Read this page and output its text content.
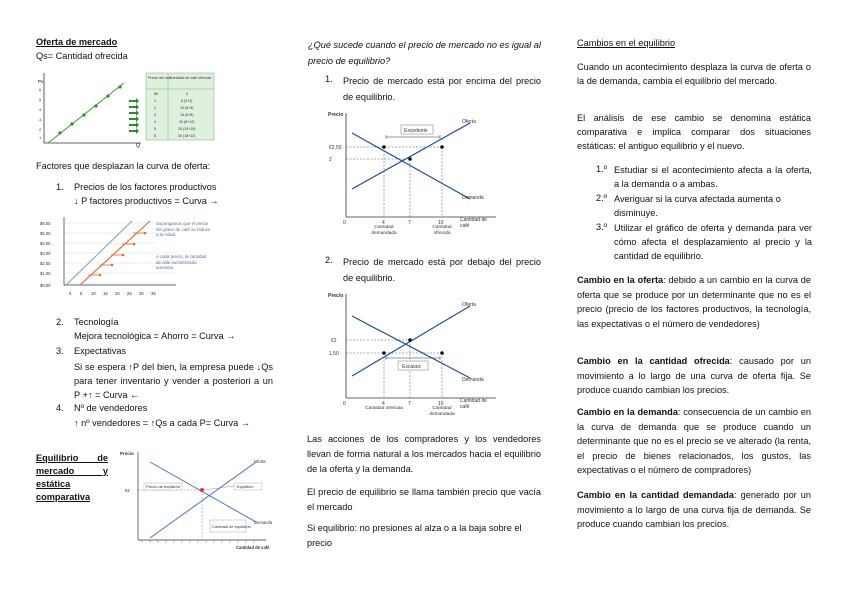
Oferta de mercado
Qs= Cantidad ofrecida
Px
Q
6
5
4
3
2
1
Precio del café
Cantidad de café ofrecida
$0	0
1	6 (3+3)
2	10 (6+4)
3	16 (8+8)
4	20 (8+12)
5	25 (10+15)
6	30 (18+12)
Factores que desplazan la curva de oferta:
1. Precios de los factores productivos
↓ P factores productivos = Curva →
$6.00
$5.00
$4.00
$3.00
$2.00
$1.00
$0.00
0 5 10 15 20 25 30 35
Supongamos que el precio del grano de café se reduce a la mitad.
A cada precio, la cantidad de café suministrada aumenta
2. Tecnología
Mejora tecnológica = Ahorro = Curva →
3. Expectativas
Si se espera ↑P del bien, la empresa puede ↓Qs para tener inventario y vender a posteriori a un P +↑ = Curva ←
4. Nº de vendedores
↑ nº vendedores = ↑Qs a cada P= Curva →
Equilibrio de
mercado y
estática
comparativa
Precio
€2
Precio de equilibrio	Equilibrio
Oferta
Demanda
Cantidad de equilibrio
Cantidad de café
¿Qué sucede cuando el precio de mercado no es igual al precio de equilibrio?
1. Precio de mercado está por encima del precio de equilibrio.
Precio
Excedente
€2,50
2
Oferta
Demanda
0	4	7	10
Cantidad demandada
Cantidad ofrecida
Cantidad de café
2. Precio de mercado está por debajo del precio de equilibrio.
Precio
Escasez
€2
1,50
Oferta
Demanda
0	4	7	10
Cantidad ofrecida	Cantidad demandada
Cantidad de café
Las acciones de los compradores y los vendedores llevan de forma natural a los mercados hacia el equilibrio de la oferta y la demanda.
El precio de equilibrio se llama también precio que vacía el mercado
Si equilibrio: no presiones al alza o a la baja sobre el precio
Cambios en el equilibrio
Cuando un acontecimiento desplaza la curva de oferta o la de demanda, cambia el equilibrio del mercado.
El análisis de ese cambio se denomina estática comparativa e implica comparar dos situaciones estáticas: el antiguo equilibrio y el nuevo.
1.º Estudiar si el acontecimiento afecta a la oferta, a la demanda o a ambas.
2.º Averiguar si la curva afectada aumenta o disminuye.
3.º Utilizar el gráfico de oferta y demanda para ver cómo afecta el desplazamiento al precio y la cantidad de equilibrio.
Cambio en la oferta: debido a un cambio en la curva de oferta que se produce por un determinante que no es el precio (precio de los factores productivos, la tecnología, las expectativas o el número de vendedores)
Cambio en la cantidad ofrecida: causado por un movimiento a lo largo de una curva de oferta fija. Se produce cuando cambian los precios.
Cambio en la demanda: consecuencia de un cambio en la curva de demanda que se produce cuando un determinante que no es el precio se ve alterado (la renta, el precio de bienes relacionados, los gustos, las expectativas o el número de compradores)
Cambio en la cantidad demandada: generado por un movimiento a lo largo de una curva fija de demanda. Se produce cuando cambian los precios.
